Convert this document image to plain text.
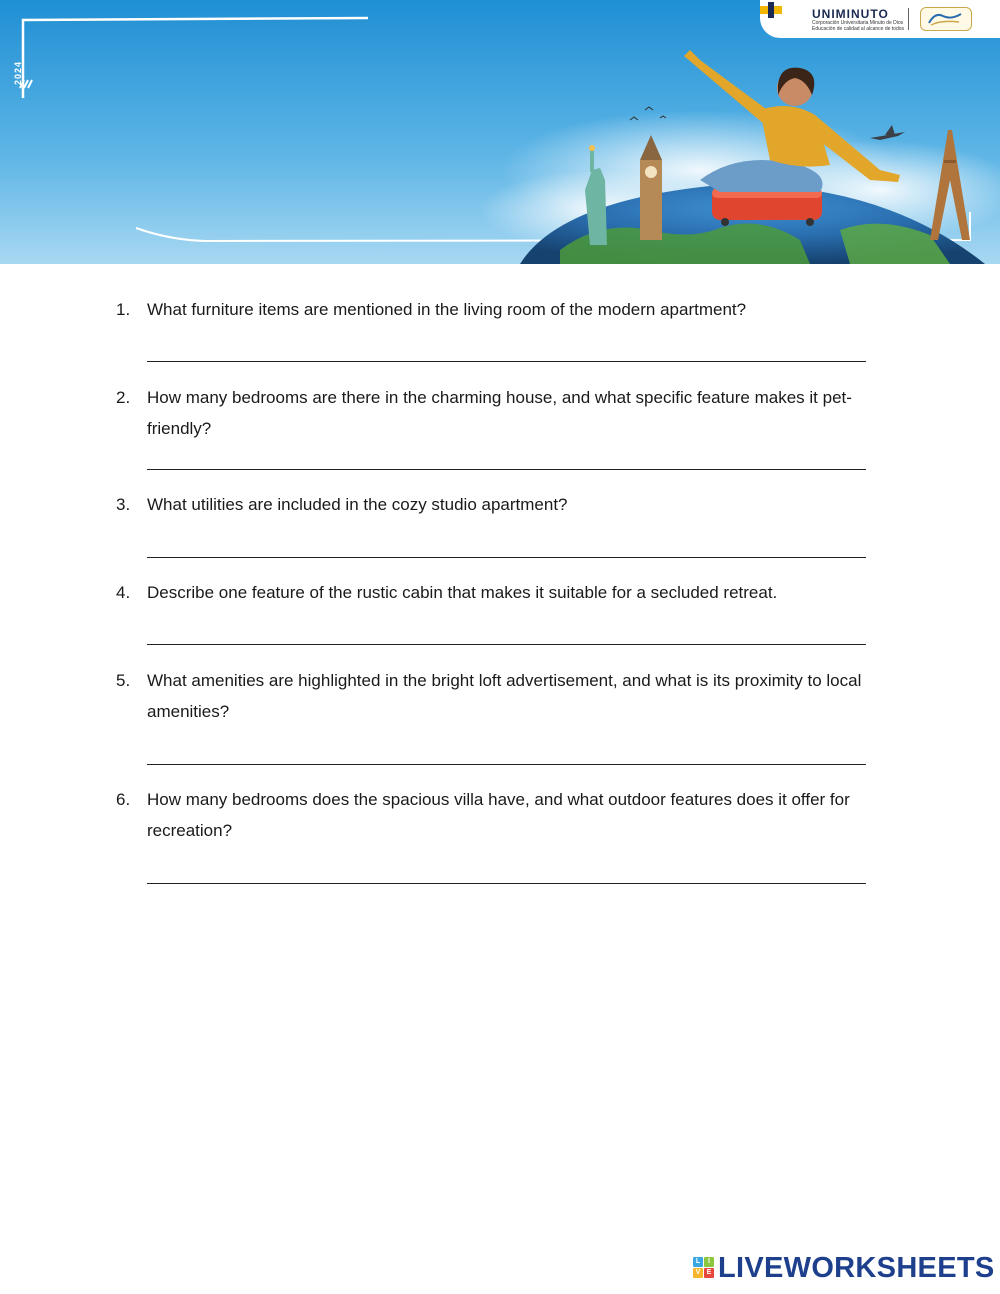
2024
UNIMINUTO
Corporación Universitaria Minuto de Dios
Educación de calidad al alcance de todos
1. What furniture items are mentioned in the living room of the modern apartment?
2. How many bedrooms are there in the charming house, and what specific feature makes it pet-friendly?
3. What utilities are included in the cozy studio apartment?
4. Describe one feature of the rustic cabin that makes it suitable for a secluded retreat.
5. What amenities are highlighted in the bright loft advertisement, and what is its proximity to local amenities?
6. How many bedrooms does the spacious villa have, and what outdoor features does it offer for recreation?
L	I
V E LIVEWORKSHEETS
